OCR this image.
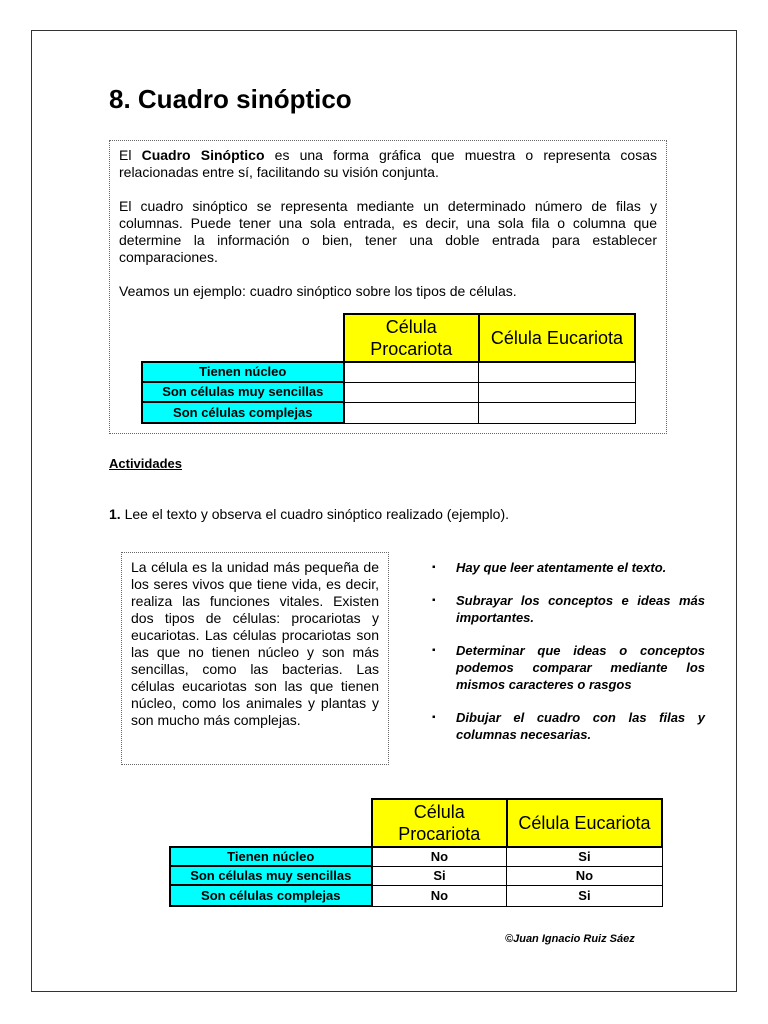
8. Cuadro sinóptico

El Cuadro Sinóptico es una forma gráfica que muestra o representa cosas relacionadas entre sí, facilitando su visión conjunta.

El cuadro sinóptico se representa mediante un determinado número de filas y columnas. Puede tener una sola entrada, es decir, una sola fila o columna que determine la información o bien, tener una doble entrada para establecer comparaciones.

Veamos un ejemplo: cuadro sinóptico sobre los tipos de células.

	Célula Procariota	Célula Eucariota
Tienen núcleo		
Son células muy sencillas		
Son células complejas		
Actividades
1. Lee el texto y observa el cuadro sinóptico realizado (ejemplo).
La célula es la unidad más pequeña de los seres vivos que tiene vida, es decir, realiza las funciones vitales. Existen dos tipos de células: procariotas y eucariotas. Las células procariotas son las que no tienen núcleo y son más sencillas, como las bacterias. Las células eucariotas son las que tienen núcleo, como los animales y plantas y son mucho más complejas.
▪ Hay que leer atentamente el texto.
▪ Subrayar los conceptos e ideas más importantes.
▪ Determinar que ideas o conceptos podemos comparar mediante los mismos caracteres o rasgos
▪ Dibujar el cuadro con las filas y columnas necesarias.
	Célula Procariota	Célula Eucariota
Tienen núcleo	No	Si
Son células muy sencillas	Si	No
Son células complejas	No	Si
©Juan Ignacio Ruiz Sáez
